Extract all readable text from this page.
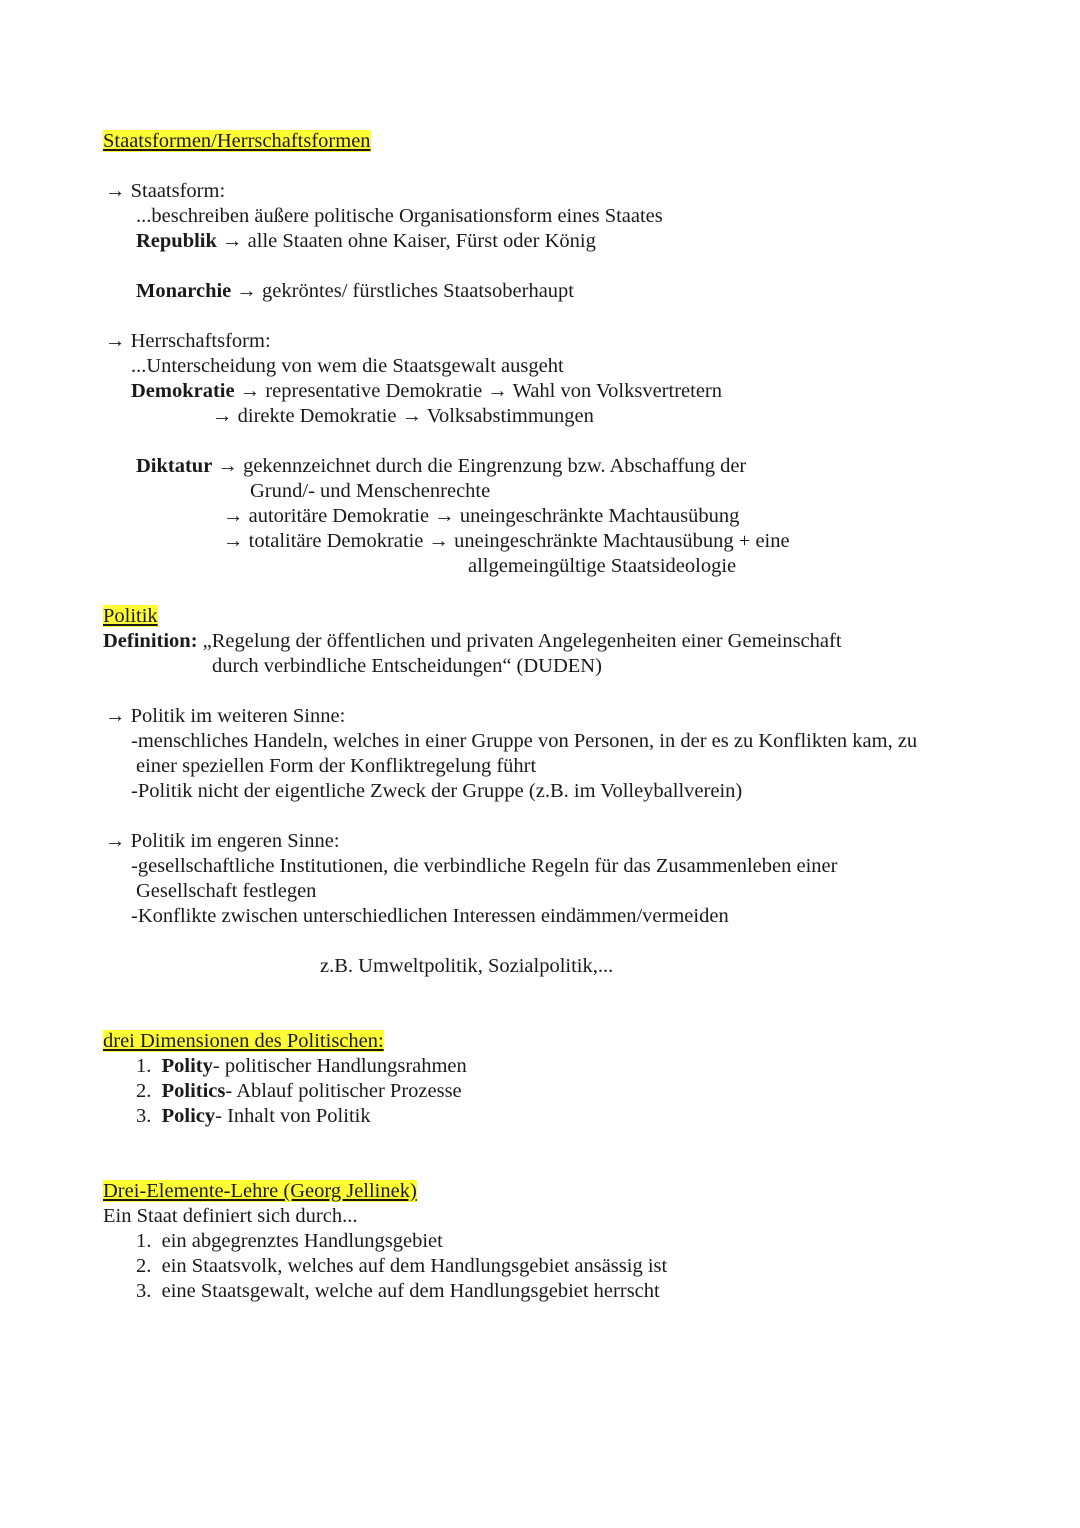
Staatsformen/Herrschaftsformen
→ Staatsform:
...beschreiben äußere politische Organisationsform eines Staates
Republik → alle Staaten ohne Kaiser, Fürst oder König
Monarchie → gekröntes/ fürstliches Staatsoberhaupt
→ Herrschaftsform:
...Unterscheidung von wem die Staatsgewalt ausgeht
Demokratie → representative Demokratie → Wahl von Volksvertretern
→ direkte Demokratie → Volksabstimmungen
Diktatur → gekennzeichnet durch die Eingrenzung bzw. Abschaffung der
Grund/- und Menschenrechte
→ autoritäre Demokratie → uneingeschränkte Machtausübung
→ totalitäre Demokratie → uneingeschränkte Machtausübung + eine
allgemeingültige Staatsideologie
Politik
Definition: „Regelung der öffentlichen und privaten Angelegenheiten einer Gemeinschaft
durch verbindliche Entscheidungen“ (DUDEN)
→ Politik im weiteren Sinne:
-menschliches Handeln, welches in einer Gruppe von Personen, in der es zu Konflikten kam, zu
einer speziellen Form der Konfliktregelung führt
-Politik nicht der eigentliche Zweck der Gruppe (z.B. im Volleyballverein)
→ Politik im engeren Sinne:
-gesellschaftliche Institutionen, die verbindliche Regeln für das Zusammenleben einer
Gesellschaft festlegen
-Konflikte zwischen unterschiedlichen Interessen eindämmen/vermeiden
z.B. Umweltpolitik, Sozialpolitik,...
drei Dimensionen des Politischen:
1. Polity- politischer Handlungsrahmen
2. Politics- Ablauf politischer Prozesse
3. Policy- Inhalt von Politik
Drei-Elemente-Lehre (Georg Jellinek)
Ein Staat definiert sich durch...
1. ein abgegrenztes Handlungsgebiet
2. ein Staatsvolk, welches auf dem Handlungsgebiet ansässig ist
3. eine Staatsgewalt, welche auf dem Handlungsgebiet herrscht
